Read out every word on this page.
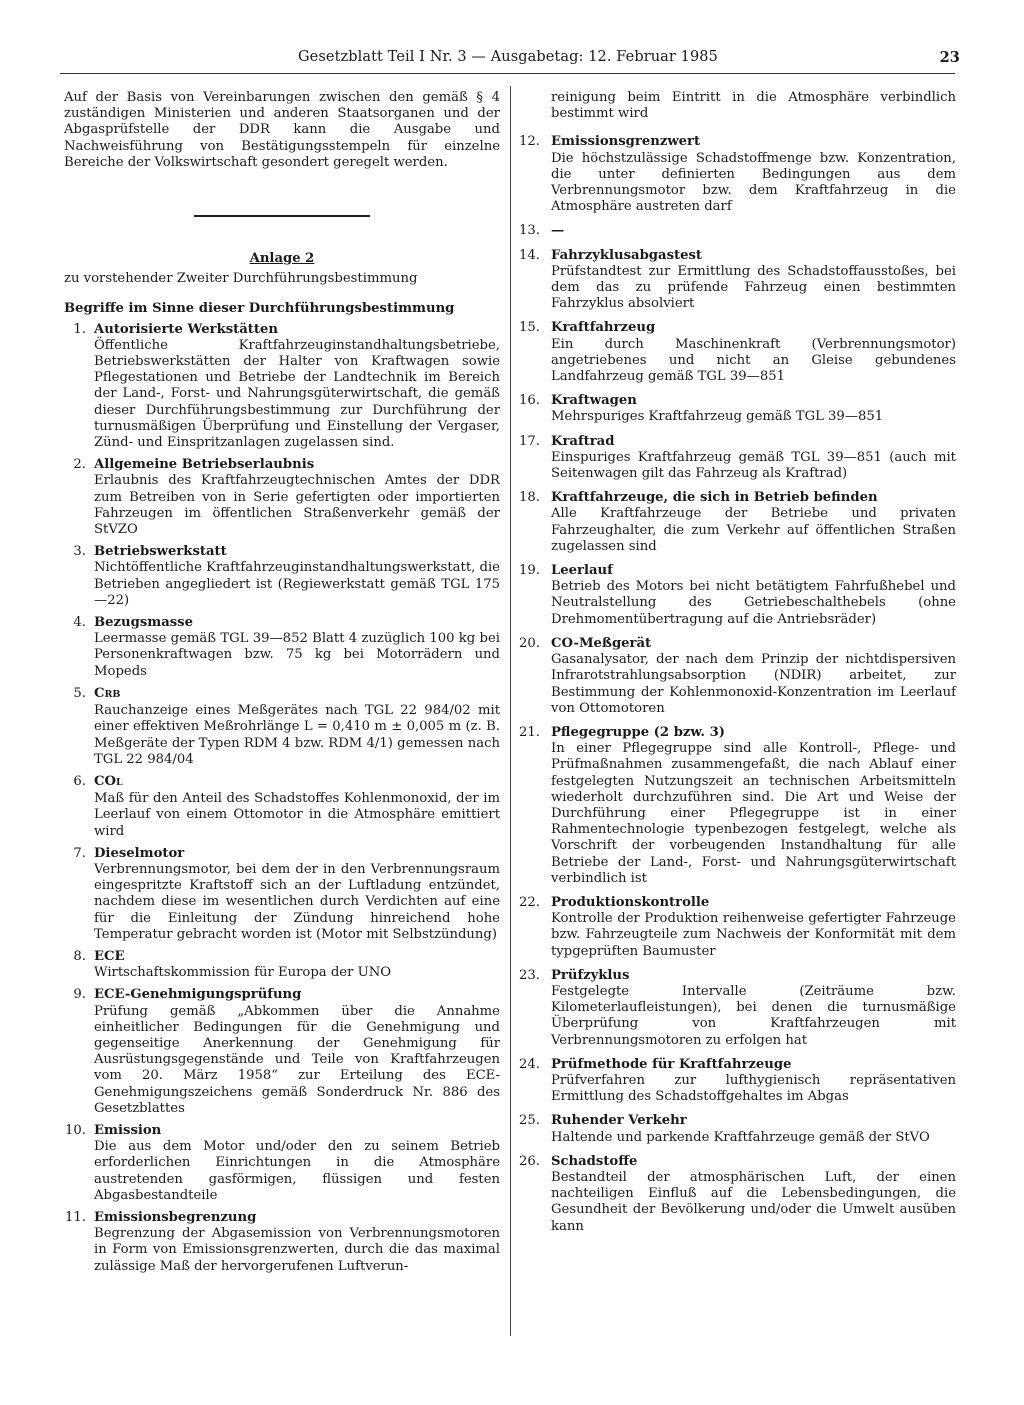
Gesetzblatt Teil I Nr. 3 — Ausgabetag: 12. Februar 1985	23

Auf der Basis von Vereinbarungen zwischen den gemäß § 4 zuständigen Ministerien und anderen Staatsorganen und der Abgasprüfstelle der DDR kann die Ausgabe und Nachweisführung von Bestätigungsstempeln für einzelne Bereiche der Volkswirtschaft gesondert geregelt werden.

Anlage 2

zu vorstehender Zweiter Durchführungsbestimmung

Begriffe im Sinne dieser Durchführungsbestimmung

1. Autorisierte Werkstätten
Öffentliche Kraftfahrzeuginstandhaltungsbetriebe, Betriebswerkstätten der Halter von Kraftwagen sowie Pflegestationen und Betriebe der Landtechnik im Bereich der Land-, Forst- und Nahrungsgüterwirtschaft, die gemäß dieser Durchführungsbestimmung zur Durchführung der turnusmäßigen Überprüfung und Einstellung der Vergaser, Zünd- und Einspritzanlagen zugelassen sind.
2. Allgemeine Betriebserlaubnis
Erlaubnis des Kraftfahrzeugtechnischen Amtes der DDR zum Betreiben von in Serie gefertigten oder importierten Fahrzeugen im öffentlichen Straßenverkehr gemäß der StVZO
3. Betriebswerkstatt
Nichtöffentliche Kraftfahrzeuginstandhaltungswerkstatt, die Betrieben angegliedert ist (Regiewerkstatt gemäß TGL 175—22)
4. Bezugsmasse
Leermasse gemäß TGL 39—852 Blatt 4 zuzüglich 100 kg bei Personenkraftwagen bzw. 75 kg bei Motorrädern und Mopeds
5. CRB
Rauchanzeige eines Meßgerätes nach TGL 22 984/02 mit einer effektiven Meßrohrlänge L = 0,410 m ± 0,005 m (z. B. Meßgeräte der Typen RDM 4 bzw. RDM 4/1) gemessen nach TGL 22 984/04
6. COL
Maß für den Anteil des Schadstoffes Kohlenmonoxid, der im Leerlauf von einem Ottomotor in die Atmosphäre emittiert wird
7. Dieselmotor
Verbrennungsmotor, bei dem der in den Verbrennungsraum eingespritzte Kraftstoff sich an der Luftladung entzündet, nachdem diese im wesentlichen durch Verdichten auf eine für die Einleitung der Zündung hinreichend hohe Temperatur gebracht worden ist (Motor mit Selbstzündung)
8. ECE
Wirtschaftskommission für Europa der UNO
9. ECE-Genehmigungsprüfung
Prüfung gemäß „Abkommen über die Annahme einheitlicher Bedingungen für die Genehmigung und gegenseitige Anerkennung der Genehmigung für Ausrüstungsgegenstände und Teile von Kraftfahrzeugen vom 20. März 1958“ zur Erteilung des ECE-Genehmigungszeichens gemäß Sonderdruck Nr. 886 des Gesetzblattes
10. Emission
Die aus dem Motor und/oder den zu seinem Betrieb erforderlichen Einrichtungen in die Atmosphäre austretenden gasförmigen, flüssigen und festen Abgasbestandteile
11. Emissionsbegrenzung
Begrenzung der Abgasemission von Verbrennungsmotoren in Form von Emissionsgrenzwerten, durch die das maximal zulässige Maß der hervorgerufenen Luftverun-

reinigung beim Eintritt in die Atmosphäre verbindlich bestimmt wird

12. Emissionsgrenzwert
Die höchstzulässige Schadstoffmenge bzw. Konzentration, die unter definierten Bedingungen aus dem Verbrennungsmotor bzw. dem Kraftfahrzeug in die Atmosphäre austreten darf
13. —
14. Fahrzyklusabgastest
Prüfstandtest zur Ermittlung des Schadstoffausstoßes, bei dem das zu prüfende Fahrzeug einen bestimmten Fahrzyklus absolviert
15. Kraftfahrzeug
Ein durch Maschinenkraft (Verbrennungsmotor) angetriebenes und nicht an Gleise gebundenes Landfahrzeug gemäß TGL 39—851
16. Kraftwagen
Mehrspuriges Kraftfahrzeug gemäß TGL 39—851
17. Kraftrad
Einspuriges Kraftfahrzeug gemäß TGL 39—851 (auch mit Seitenwagen gilt das Fahrzeug als Kraftrad)
18. Kraftfahrzeuge, die sich in Betrieb befinden
Alle Kraftfahrzeuge der Betriebe und privaten Fahrzeughalter, die zum Verkehr auf öffentlichen Straßen zugelassen sind
19. Leerlauf
Betrieb des Motors bei nicht betätigtem Fahrfußhebel und Neutralstellung des Getriebeschalthebels (ohne Drehmomentübertragung auf die Antriebsräder)
20. CO-Meßgerät
Gasanalysator, der nach dem Prinzip der nichtdispersiven Infrarotstrahlungsabsorption (NDIR) arbeitet, zur Bestimmung der Kohlenmonoxid-Konzentration im Leerlauf von Ottomotoren
21. Pflegegruppe (2 bzw. 3)
In einer Pflegegruppe sind alle Kontroll-, Pflege- und Prüfmaßnahmen zusammengefaßt, die nach Ablauf einer festgelegten Nutzungszeit an technischen Arbeitsmitteln wiederholt durchzuführen sind. Die Art und Weise der Durchführung einer Pflegegruppe ist in einer Rahmentechnologie typenbezogen festgelegt, welche als Vorschrift der vorbeugenden Instandhaltung für alle Betriebe der Land-, Forst- und Nahrungsgüterwirtschaft verbindlich ist
22. Produktionskontrolle
Kontrolle der Produktion reihenweise gefertigter Fahrzeuge bzw. Fahrzeugteile zum Nachweis der Konformität mit dem typgeprüften Baumuster
23. Prüfzyklus
Festgelegte Intervalle (Zeiträume bzw. Kilometerlaufleistungen), bei denen die turnusmäßige Überprüfung von Kraftfahrzeugen mit Verbrennungsmotoren zu erfolgen hat
24. Prüfmethode für Kraftfahrzeuge
Prüfverfahren zur lufthygienisch repräsentativen Ermittlung des Schadstoffgehaltes im Abgas
25. Ruhender Verkehr
Haltende und parkende Kraftfahrzeuge gemäß der StVO
26. Schadstoffe
Bestandteil der atmosphärischen Luft, der einen nachteiligen Einfluß auf die Lebensbedingungen, die Gesundheit der Bevölkerung und/oder die Umwelt ausüben kann
